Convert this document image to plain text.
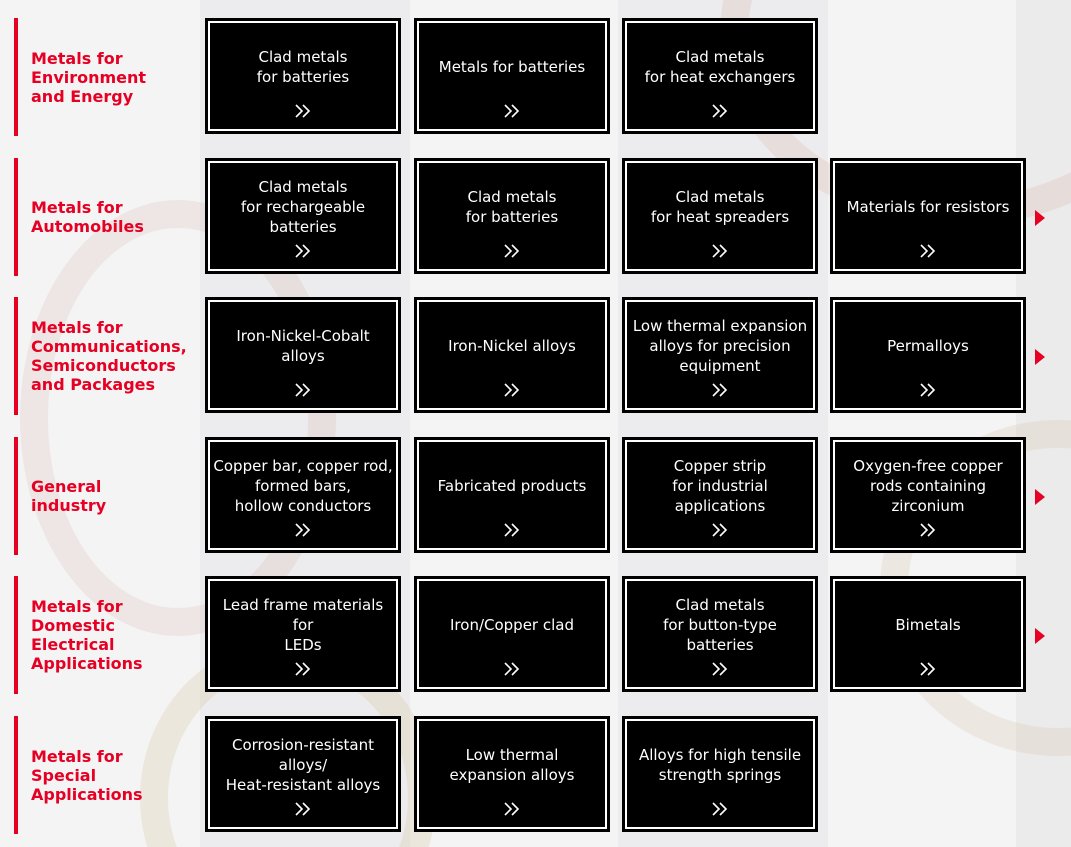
Metals for
Environment
and Energy
Clad metals
for batteries
Metals for batteries
Clad metals
for heat exchangers
Metals for
Automobiles
Clad metals
for rechargeable
batteries
Clad metals
for batteries
Clad metals
for heat spreaders
Materials for resistors
Metals for
Communications,
Semiconductors
and Packages
Iron-Nickel-Cobalt
alloys
Iron-Nickel alloys
Low thermal expansion
alloys for precision
equipment
Permalloys
General
industry
Copper bar, copper rod,
formed bars,
hollow conductors
Fabricated products
Copper strip
for industrial
applications
Oxygen-free copper
rods containing
zirconium
Metals for
Domestic
Electrical
Applications
Lead frame materials for
LEDs
Iron/Copper clad
Clad metals
for button-type batteries
Bimetals
Metals for
Special
Applications
Corrosion-resistant
alloys/
Heat-resistant alloys
Low thermal
expansion alloys
Alloys for high tensile
strength springs
